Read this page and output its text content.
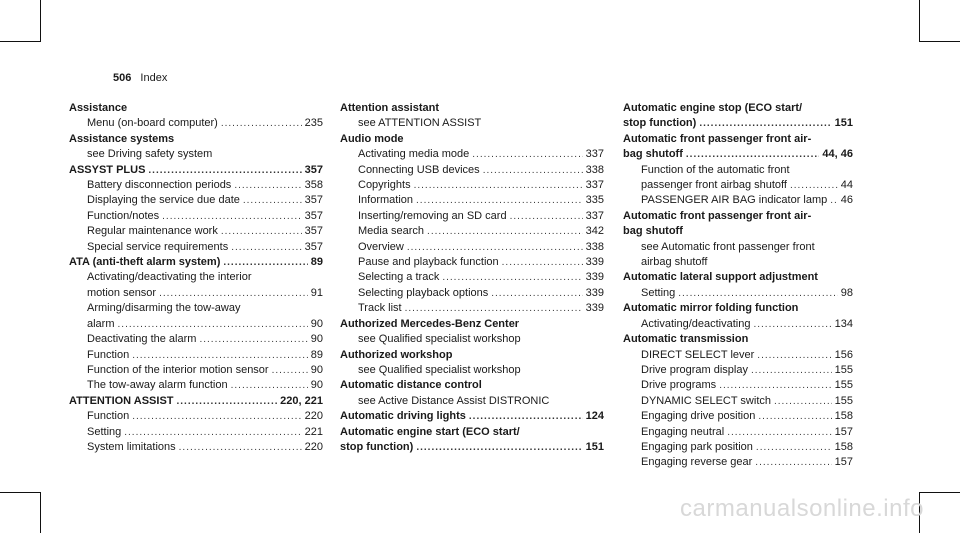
506 Index
Assistance
Menu (on-board computer) .....	235
Assistance systems
see Driving safety system
ASSYST PLUS .....	357
Battery disconnection periods .....	358
Displaying the service due date .....	357
Function/notes .....	357
Regular maintenance work .....	357
Special service requirements .....	357
ATA (anti-theft alarm system) .....	89
Activating/deactivating the interior
motion sensor .....	91
Arming/disarming the tow-away
alarm .....	90
Deactivating the alarm .....	90
Function .....	89
Function of the interior motion sensor .....	90
The tow-away alarm function .....	90
ATTENTION ASSIST .....	220, 221
Function .....	220
Setting .....	221
System limitations .....	220
Attention assistant
see ATTENTION ASSIST
Audio mode
Activating media mode .....	337
Connecting USB devices .....	338
Copyrights .....	337
Information .....	335
Inserting/removing an SD card .....	337
Media search .....	342
Overview .....	338
Pause and playback function .....	339
Selecting a track .....	339
Selecting playback options .....	339
Track list .....	339
Authorized Mercedes-Benz Center
see Qualified specialist workshop
Authorized workshop
see Qualified specialist workshop
Automatic distance control
see Active Distance Assist DISTRONIC
Automatic driving lights .....	124
Automatic engine start (ECO start/
stop function) .....	151
Automatic engine stop (ECO start/
stop function) .....	151
Automatic front passenger front air-
bag shutoff .....	44, 46
Function of the automatic front
passenger front airbag shutoff .....	44
PASSENGER AIR BAG indicator lamp ..... 46
Automatic front passenger front air-
bag shutoff
see Automatic front passenger front
airbag shutoff
Automatic lateral support adjustment
Setting .....	98
Automatic mirror folding function
Activating/deactivating .....	134
Automatic transmission
DIRECT SELECT lever .....	156
Drive program display .....	155
Drive programs .....	155
DYNAMIC SELECT switch .....	155
Engaging drive position .....	158
Engaging neutral .....	157
Engaging park position .....	158
Engaging reverse gear .....	157
carmanualsonline.info
